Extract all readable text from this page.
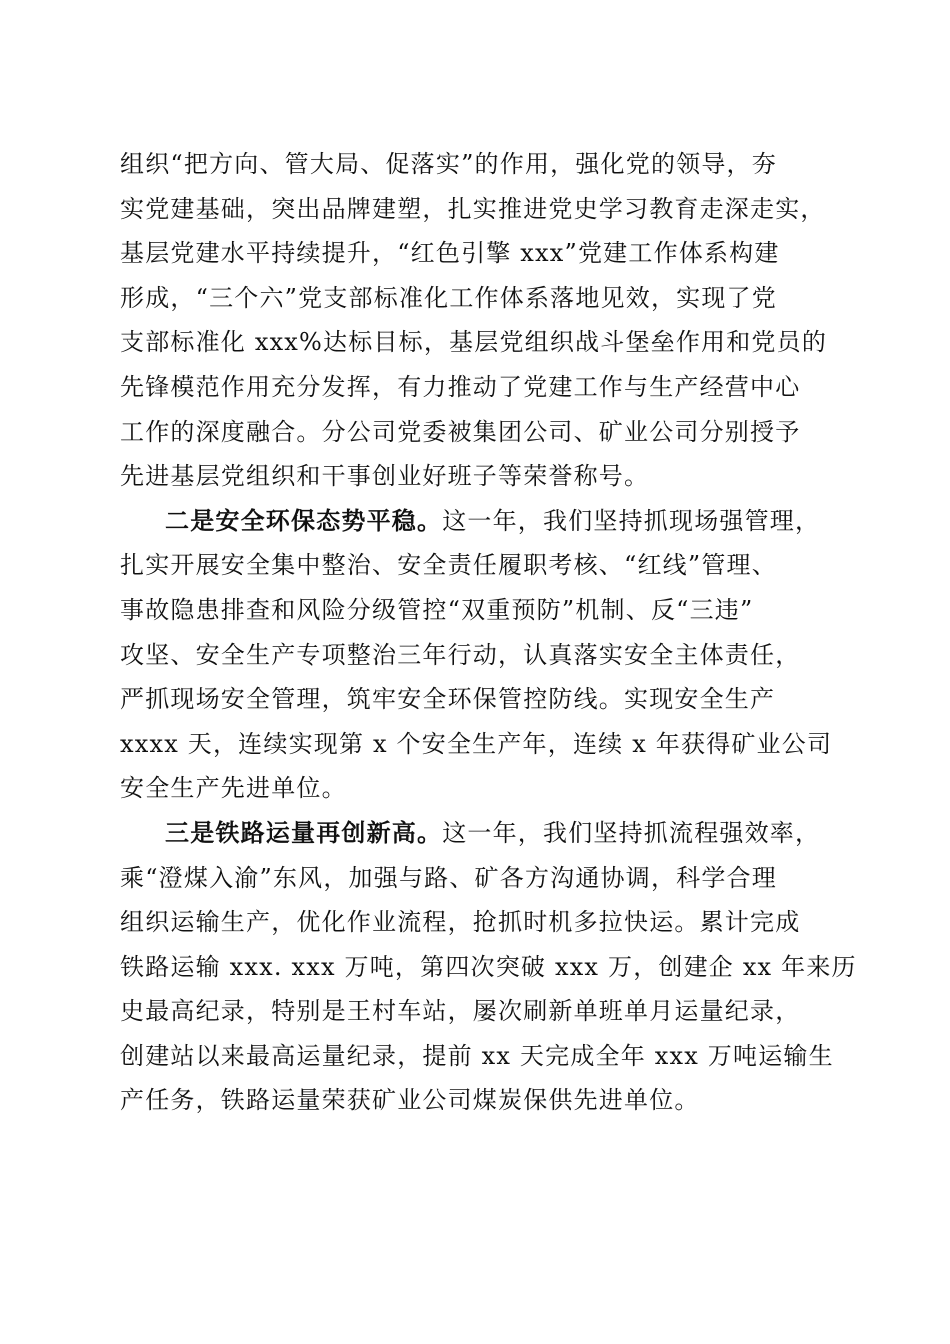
组织“把方向、管大局、促落实”的作用，强化党的领导，夯
实党建基础，突出品牌建塑，扎实推进党史学习教育走深走实，
基层党建水平持续提升，“红色引擎 xxx”党建工作体系构建
形成，“三个六”党支部标准化工作体系落地见效，实现了党
支部标准化 xxx%达标目标，基层党组织战斗堡垒作用和党员的
先锋模范作用充分发挥，有力推动了党建工作与生产经营中心
工作的深度融合。分公司党委被集团公司、矿业公司分别授予
先进基层党组织和干事创业好班子等荣誉称号。
二是安全环保态势平稳。这一年，我们坚持抓现场强管理，
扎实开展安全集中整治、安全责任履职考核、“红线”管理、
事故隐患排查和风险分级管控“双重预防”机制、反“三违”
攻坚、安全生产专项整治三年行动，认真落实安全主体责任，
严抓现场安全管理，筑牢安全环保管控防线。实现安全生产
xxxx 天，连续实现第 x 个安全生产年，连续 x 年获得矿业公司
安全生产先进单位。
三是铁路运量再创新高。这一年，我们坚持抓流程强效率，
乘“澄煤入渝”东风，加强与路、矿各方沟通协调，科学合理
组织运输生产，优化作业流程，抢抓时机多拉快运。累计完成
铁路运输 xxx. xxx 万吨，第四次突破 xxx 万，创建企 xx 年来历
史最高纪录，特别是王村车站，屡次刷新单班单月运量纪录，
创建站以来最高运量纪录，提前 xx 天完成全年 xxx 万吨运输生
产任务，铁路运量荣获矿业公司煤炭保供先进单位。
